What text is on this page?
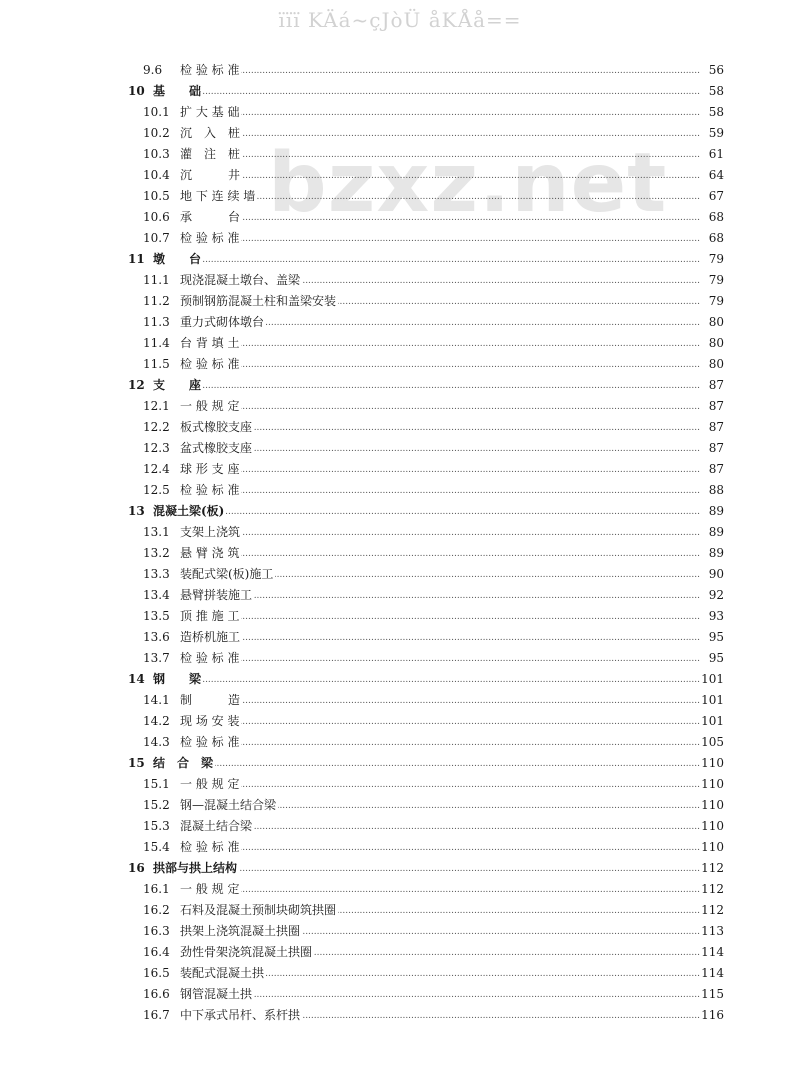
ïïï KÄá~çJòÜ åKÅå==
bzxz.net
9.6	检 验 标 准 .....	56
10 基　　础 .....	58
10.1 扩 大 基 础 .....	58
10.2 沉　入　桩 .....	59
10.3 灌　注　桩 .....	61
10.4 沉　　　井 .....	64
10.5 地 下 连 续 墙 .....	67
10.6 承　　　台 .....	68
10.7 检 验 标 准 .....	68
11 墩　　台 .....	79
11.1 现浇混凝土墩台、盖梁 .....	79
11.2 预制钢筋混凝土柱和盖梁安装 .....	79
11.3 重力式砌体墩台 .....	80
11.4 台 背 填 土 .....	80
11.5 检 验 标 准 .....	80
12 支　　座 .....	87
12.1 一 般 规 定 .....	87
12.2 板式橡胶支座 .....	87
12.3 盆式橡胶支座 .....	87
12.4 球 形 支 座 .....	87
12.5 检 验 标 准 .....	88
13 混凝土梁(板) .....	89
13.1 支架上浇筑 .....	89
13.2 悬 臂 浇 筑 .....	89
13.3 装配式梁(板)施工 .....	90
13.4 悬臂拼装施工 .....	92
13.5 顶 推 施 工 .....	93
13.6 造桥机施工 .....	95
13.7 检 验 标 准 .....	95
14 钢　　梁 .....	101
14.1 制　　　造 .....	101
14.2 现 场 安 装 .....	101
14.3 检 验 标 准 .....	105
15 结　合　梁 .....	110
15.1 一 般 规 定 .....	110
15.2 钢—混凝土结合梁 .....	110
15.3 混凝土结合梁 .....	110
15.4 检 验 标 准 .....	110
16 拱部与拱上结构 .....	112
16.1 一 般 规 定 .....	112
16.2 石料及混凝土预制块砌筑拱圈 .....	112
16.3 拱架上浇筑混凝土拱圈 .....	113
16.4 劲性骨架浇筑混凝土拱圈 .....	114
16.5 装配式混凝土拱 .....	114
16.6 钢管混凝土拱 .....	115
16.7 中下承式吊杆、系杆拱 .....	116
